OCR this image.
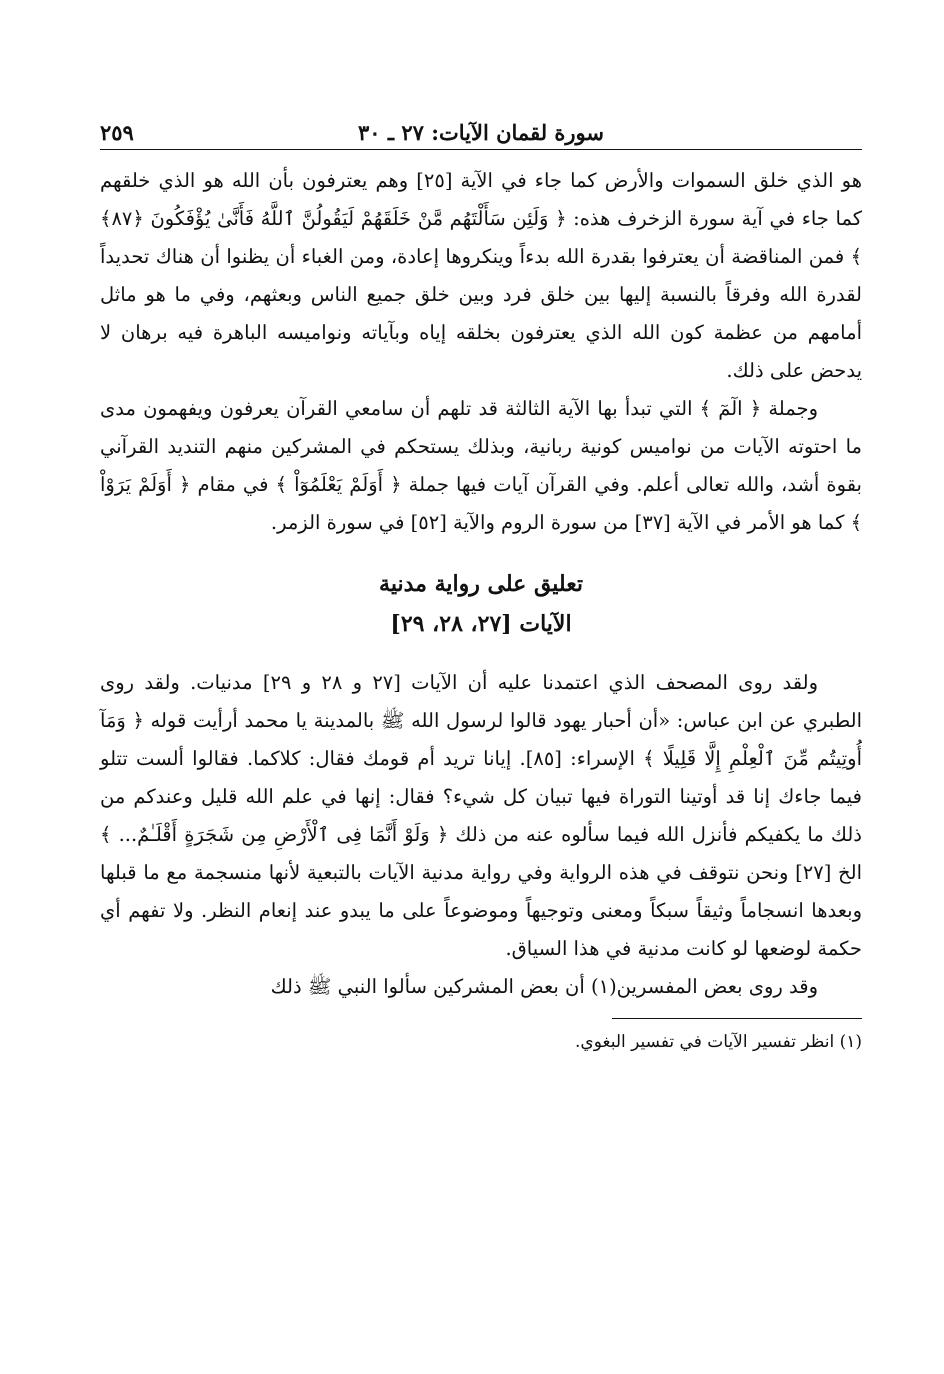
سورة لقمان الآيات: ٢٧ ـ ٣٠
٢٥٩

هو الذي خلق السموات والأرض كما جاء في الآية [٢٥] وهم يعترفون بأن الله هو الذي خلقهم كما جاء في آية سورة الزخرف هذه: ﴿ وَلَئِن سَأَلْتَهُم مَّنْ خَلَقَهُمْ لَيَقُولُنَّ ٱللَّهُ فَأَنَّىٰ يُؤْفَكُونَ ﴿٨٧﴾ ﴾ فمن المناقضة أن يعترفوا بقدرة الله بدءاً وينكروها إعادة، ومن الغباء أن يظنوا أن هناك تحديداً لقدرة الله وفرقاً بالنسبة إليها بين خلق فرد وبين خلق جميع الناس وبعثهم، وفي ما هو ماثل أمامهم من عظمة كون الله الذي يعترفون بخلقه إياه وبآياته ونواميسه الباهرة فيه برهان لا يدحض على ذلك.

وجملة ﴿ الٓمٓ ﴾ التي تبدأ بها الآية الثالثة قد تلهم أن سامعي القرآن يعرفون ويفهمون مدى ما احتوته الآيات من نواميس كونية ربانية، وبذلك يستحكم في المشركين منهم التنديد القرآني بقوة أشد، والله تعالى أعلم. وفي القرآن آيات فيها جملة ﴿ أَوَلَمْ يَعْلَمُوٓاْ ﴾ في مقام ﴿ أَوَلَمْ يَرَوْاْ ﴾ كما هو الأمر في الآية [٣٧] من سورة الروم والآية [٥٢] في سورة الزمر.

تعليق على رواية مدنية

الآيات [٢٧، ٢٨، ٢٩]

ولقد روى المصحف الذي اعتمدنا عليه أن الآيات [٢٧ و ٢٨ و ٢٩] مدنيات. ولقد روى الطبري عن ابن عباس: «أن أحبار يهود قالوا لرسول الله ﷺ بالمدينة يا محمد أرأيت قوله ﴿ وَمَآ أُوتِيتُم مِّنَ ٱلْعِلْمِ إِلَّا قَلِيلًا ﴾ الإسراء: [٨٥]. إيانا تريد أم قومك فقال: كلاكما. فقالوا ألست تتلو فيما جاءك إنا قد أوتينا التوراة فيها تبيان كل شيء؟ فقال: إنها في علم الله قليل وعندكم من ذلك ما يكفيكم فأنزل الله فيما سألوه عنه من ذلك ﴿ وَلَوْ أَنَّمَا فِى ٱلْأَرْضِ مِن شَجَرَةٍ أَقْلَـٰمٌ... ﴾ الخ [٢٧] ونحن نتوقف في هذه الرواية وفي رواية مدنية الآيات بالتبعية لأنها منسجمة مع ما قبلها وبعدها انسجاماً وثيقاً سبكاً ومعنى وتوجيهاً وموضوعاً على ما يبدو عند إنعام النظر. ولا تفهم أي حكمة لوضعها لو كانت مدنية في هذا السياق.

وقد روى بعض المفسرين(١) أن بعض المشركين سألوا النبي ﷺ ذلك

(١) انظر تفسير الآيات في تفسير البغوي.
